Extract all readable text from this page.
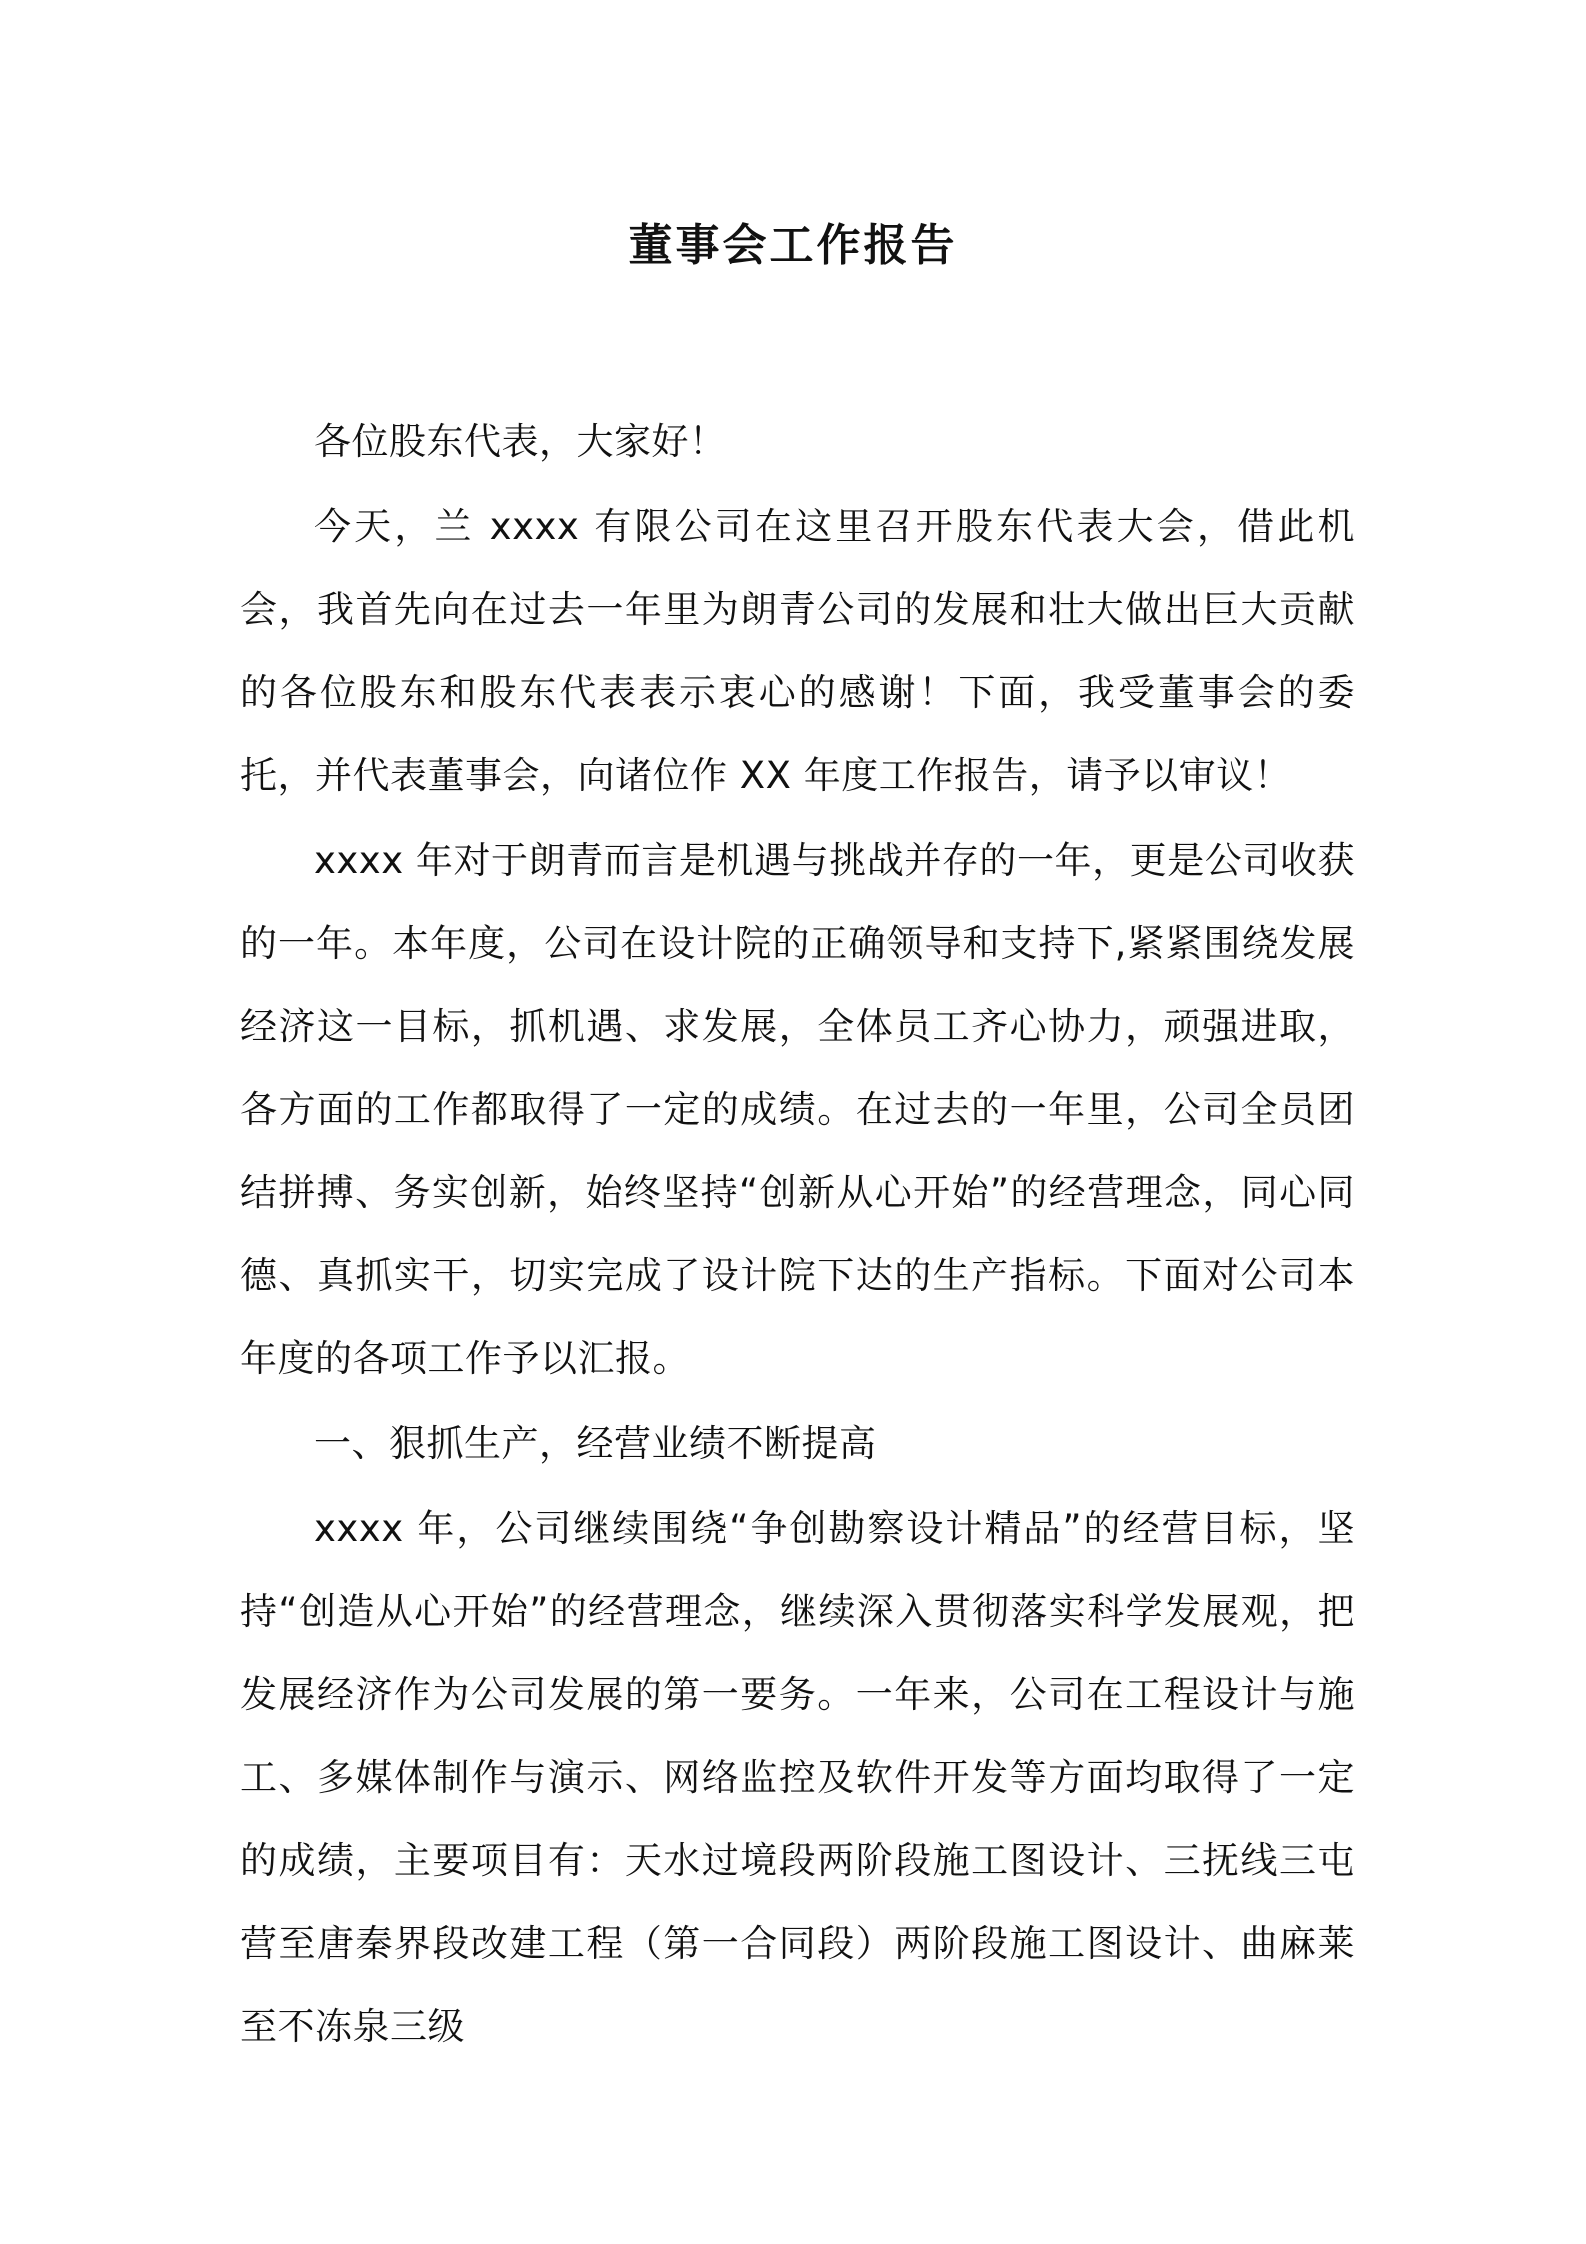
董事会工作报告

各位股东代表，大家好！

今天，兰 xxxx 有限公司在这里召开股东代表大会，借此机会，我首先向在过去一年里为朗青公司的发展和壮大做出巨大贡献的各位股东和股东代表表示衷心的感谢！下面，我受董事会的委托，并代表董事会，向诸位作 XX 年度工作报告，请予以审议！

xxxx 年对于朗青而言是机遇与挑战并存的一年，更是公司收获的一年。本年度，公司在设计院的正确领导和支持下,紧紧围绕发展经济这一目标，抓机遇、求发展，全体员工齐心协力，顽强进取，各方面的工作都取得了一定的成绩。在过去的一年里，公司全员团结拼搏、务实创新，始终坚持“创新从心开始”的经营理念，同心同德、真抓实干，切实完成了设计院下达的生产指标。下面对公司本年度的各项工作予以汇报。

一、狠抓生产，经营业绩不断提高

xxxx 年，公司继续围绕“争创勘察设计精品”的经营目标，坚持“创造从心开始”的经营理念，继续深入贯彻落实科学发展观，把发展经济作为公司发展的第一要务。一年来，公司在工程设计与施工、多媒体制作与演示、网络监控及软件开发等方面均取得了一定的成绩，主要项目有：天水过境段两阶段施工图设计、三抚线三屯营至唐秦界段改建工程（第一合同段）两阶段施工图设计、曲麻莱至不冻泉三级
